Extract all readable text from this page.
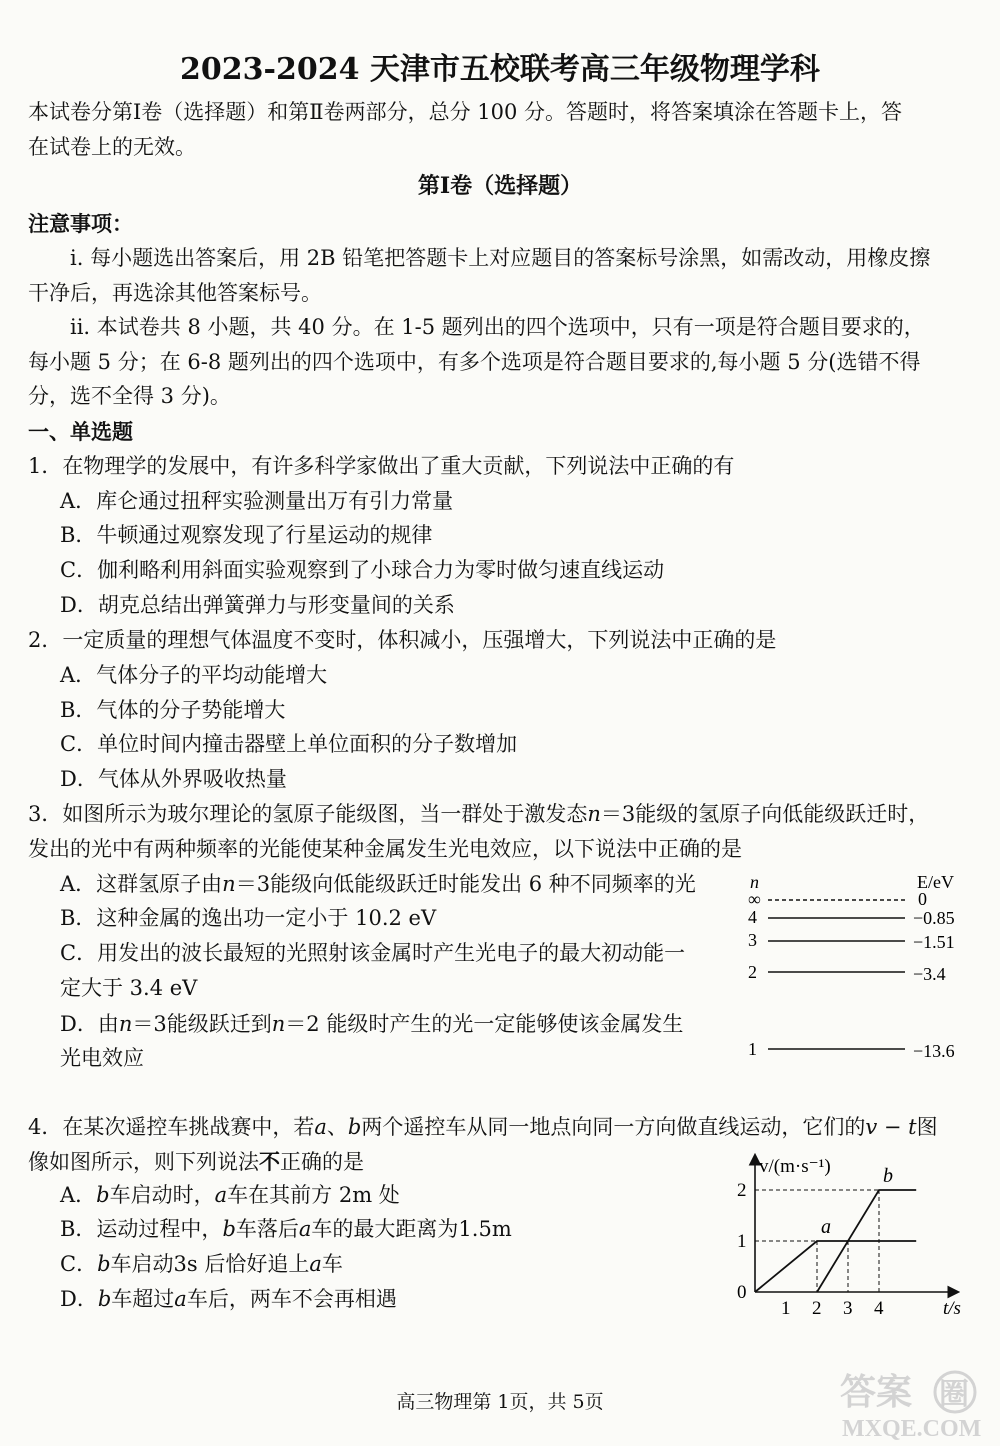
2023-2024 天津市五校联考高三年级物理学科
本试卷分第Ⅰ卷（选择题）和第Ⅱ卷两部分，总分 100 分。答题时，将答案填涂在答题卡上，答
在试卷上的无效。
第Ⅰ卷（选择题）
注意事项：
i. 每小题选出答案后，用 2B 铅笔把答题卡上对应题目的答案标号涂黑，如需改动，用橡皮擦
干净后，再选涂其他答案标号。
ii. 本试卷共 8 小题，共 40 分。在 1-5 题列出的四个选项中，只有一项是符合题目要求的，
每小题 5 分；在 6-8 题列出的四个选项中，有多个选项是符合题目要求的,每小题 5 分(选错不得
分，选不全得 3 分)。
一、单选题
1．在物理学的发展中，有许多科学家做出了重大贡献，下列说法中正确的有
A．库仑通过扭秤实验测量出万有引力常量
B．牛顿通过观察发现了行星运动的规律
C．伽利略利用斜面实验观察到了小球合力为零时做匀速直线运动
D．胡克总结出弹簧弹力与形变量间的关系
2．一定质量的理想气体温度不变时，体积减小，压强增大，下列说法中正确的是
A．气体分子的平均动能增大
B．气体的分子势能增大
C．单位时间内撞击器壁上单位面积的分子数增加
D．气体从外界吸收热量
3．如图所示为玻尔理论的氢原子能级图，当一群处于激发态n＝3能级的氢原子向低能级跃迁时，
发出的光中有两种频率的光能使某种金属发生光电效应，以下说法中正确的是
A．这群氢原子由n＝3能级向低能级跃迁时能发出 6 种不同频率的光
B．这种金属的逸出功一定小于 10.2 eV
C．用发出的波长最短的光照射该金属时产生光电子的最大初动能一
定大于 3.4 eV
D．由n＝3能级跃迁到n＝2 能级时产生的光一定能够使该金属发生
光电效应
n	E/eV
∞	0
4	−0.85
3	−1.51
2	−3.4
1	−13.6
4．在某次遥控车挑战赛中，若a、b两个遥控车从同一地点向同一方向做直线运动，它们的v − t图
像如图所示，则下列说法不正确的是
A．b车启动时，a车在其前方 2m 处
B．运动过程中，b车落后a车的最大距离为1.5m
C．b车启动3s 后恰好追上a车
D．b车超过a车后，两车不会再相遇
a
b
1 2 3 4
1
2
v/(m·s⁻¹)
t/s
0
高三物理第 1页，共 5页	答案 圈
MXQE.COM
